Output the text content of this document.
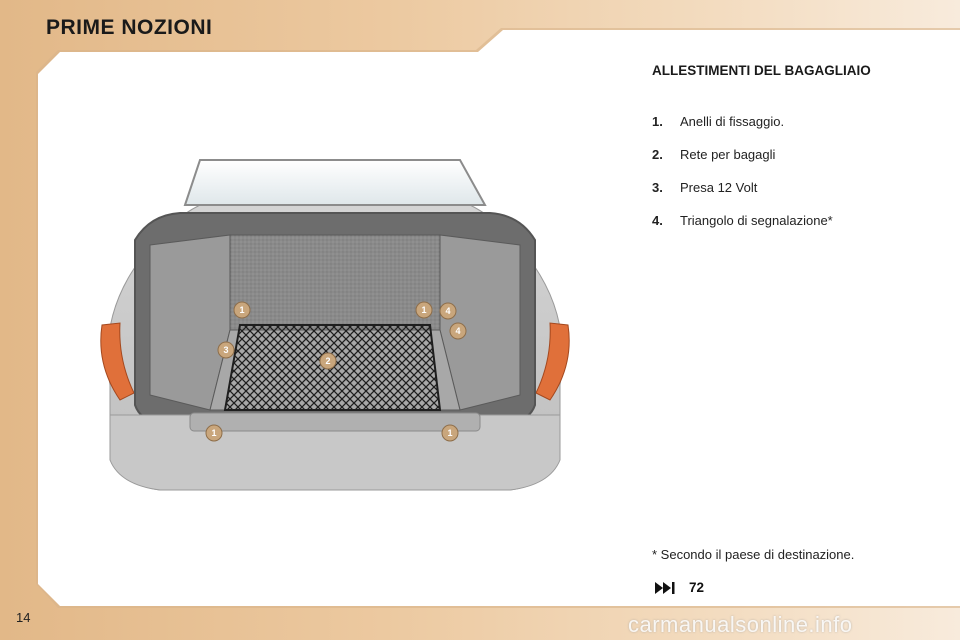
PRIME NOZIONI
1	1 4
4
3
2
1	1
ALLESTIMENTI DEL BAGAGLIAIO
1.	Anelli di fissaggio.
2.	Rete per bagagli
3.	Presa 12 Volt
4.	Triangolo di segnalazione*
* Secondo il paese di destinazione.
72
14	carmanualsonline.info
